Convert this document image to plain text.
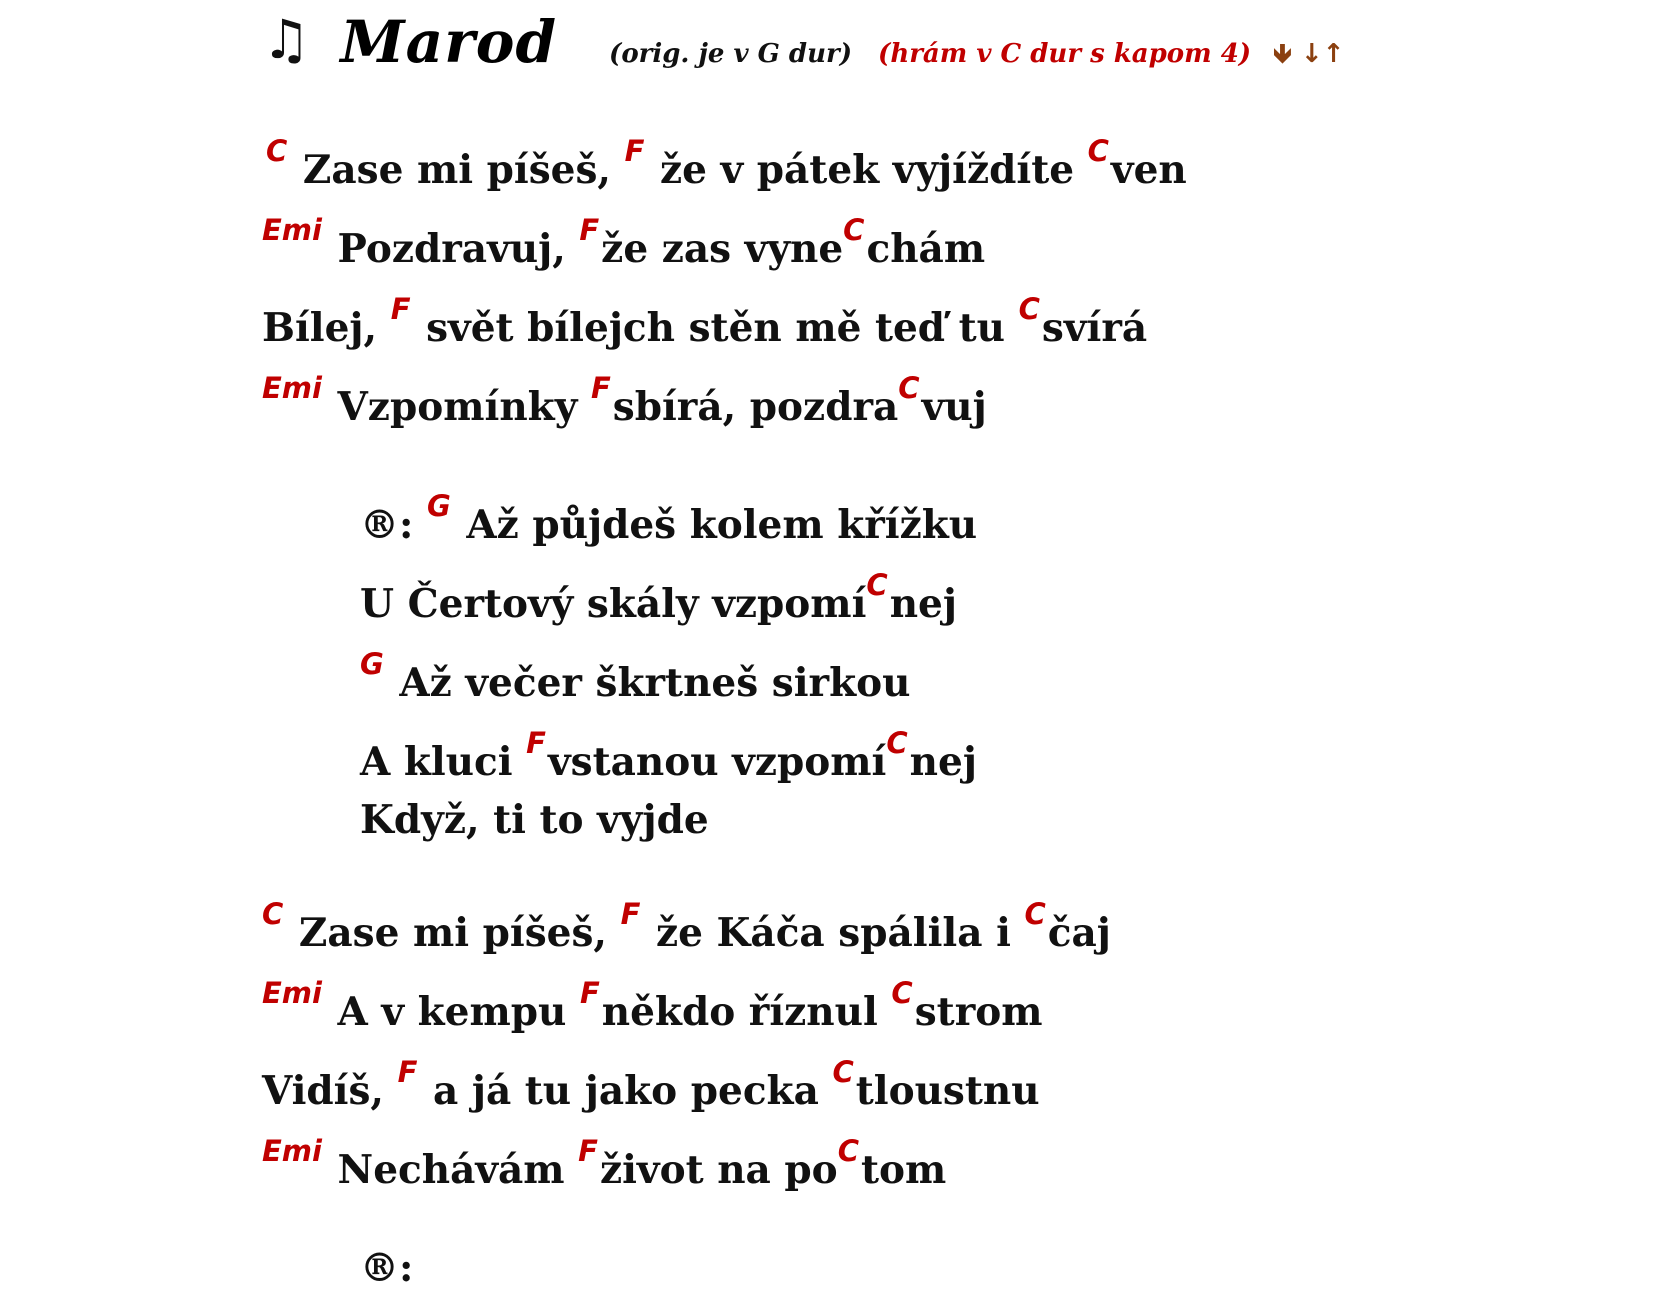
♫ Marod (orig. je v G dur) (hrám v C dur s kapom 4) 🡻 ↓↑
$^C$ Zase mi píšeš, $^F$ že v pátek vyjíždíte $^C$ven
$^{Emi}$ Pozdravuj, $^F$že zas vyne$^C$chám
Bílej, $^F$ svět bílejch stěn mě teď tu $^C$svírá
$^{Emi}$ Vzpomínky $^F$sbírá, pozdra$^C$vuj
®: $^G$ Až půjdeš kolem křížku
U Čertový skály vzpomí$^C$nej
$^G$ Až večer škrtneš sirkou
A kluci $^F$vstanou vzpomí$^C$nej
Když, ti to vyjde
$^C$ Zase mi píšeš, $^F$ že Káča spálila i $^C$čaj
$^{Emi}$ A v kempu $^F$někdo říznul $^C$strom
Vidíš, $^F$ a já tu jako pecka $^C$tloustnu
$^{Emi}$ Nechávám $^F$život na $po^Ctom$
®:
